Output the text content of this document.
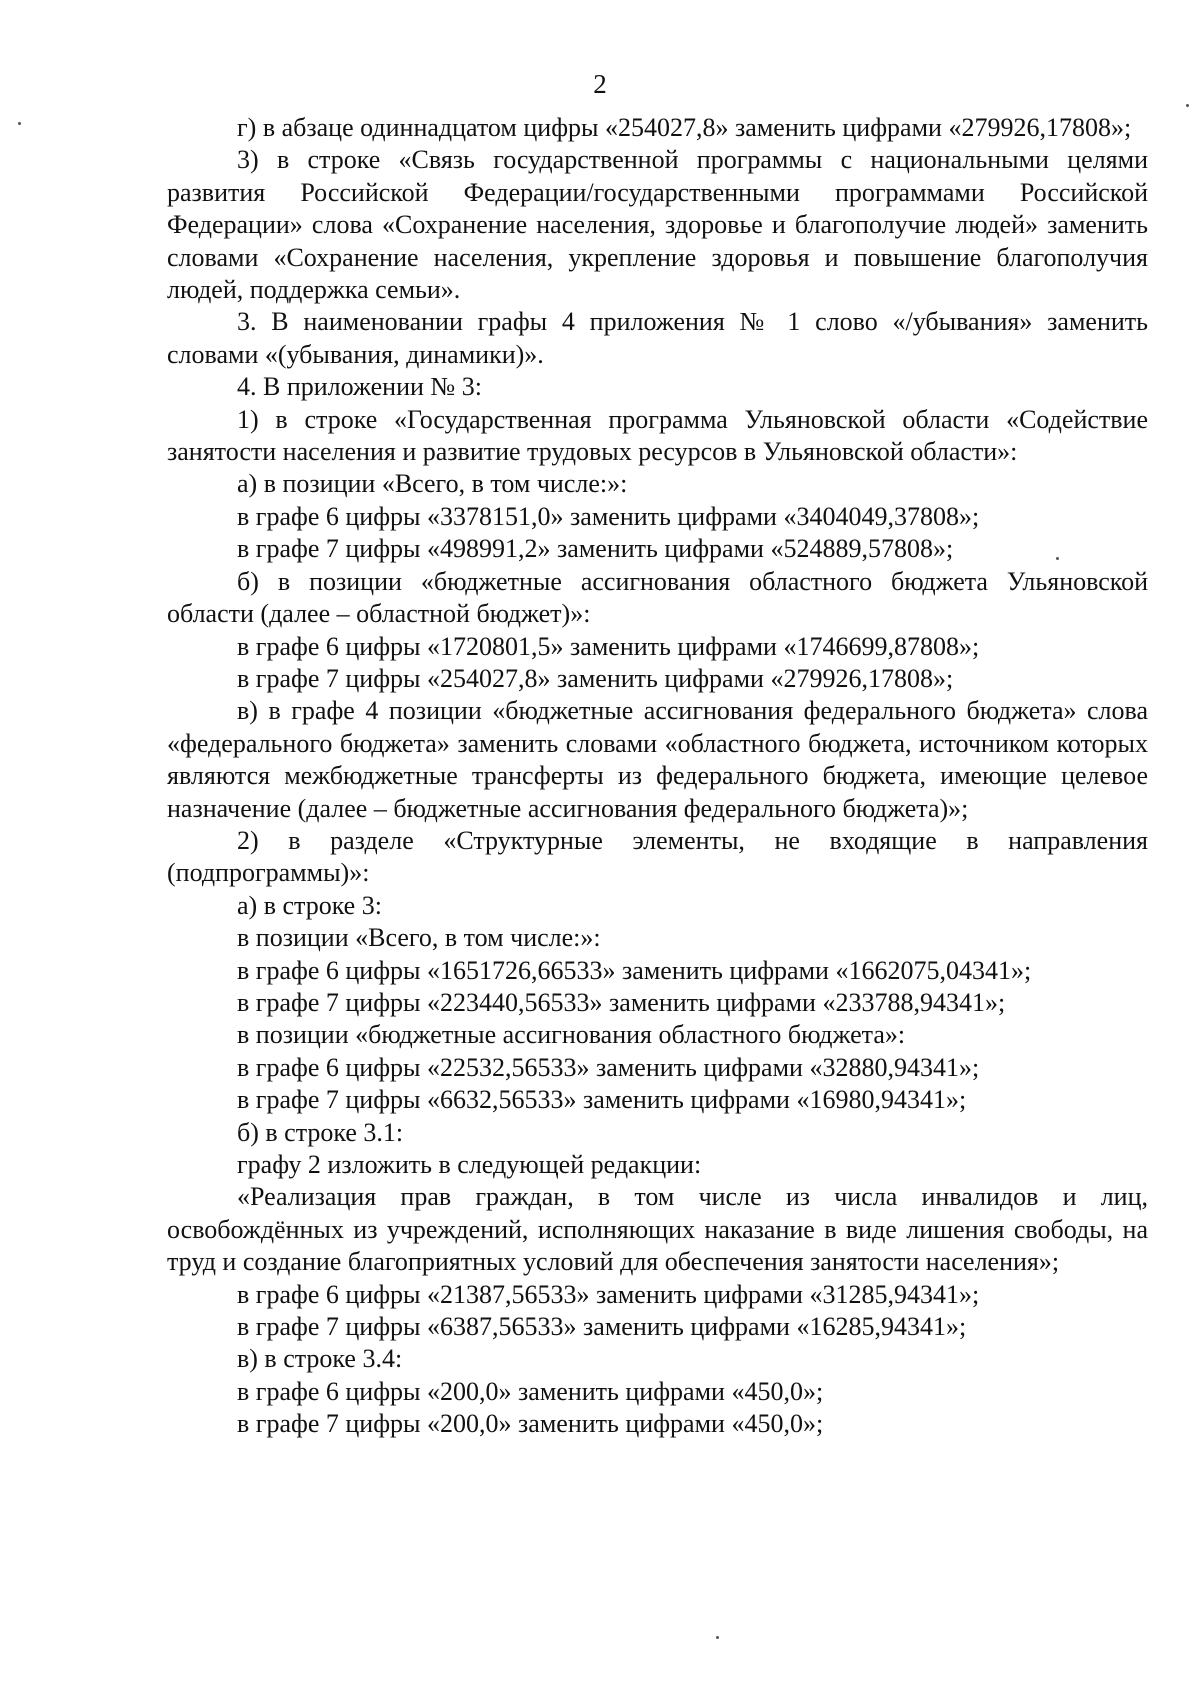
2

г) в абзаце одиннадцатом цифры «254027,8» заменить цифрами «279926,17808»;

3) в строке «Связь государственной программы с национальными целями развития Российской Федерации/государственными программами Российской Федерации» слова «Сохранение населения, здоровье и благополучие людей» заменить словами «Сохранение населения, укрепление здоровья и повышение благополучия людей, поддержка семьи».

3. В наименовании графы 4 приложения № 1 слово «/убывания» заменить словами «(убывания, динамики)».

4. В приложении № 3:

1) в строке «Государственная программа Ульяновской области «Содействие занятости населения и развитие трудовых ресурсов в Ульяновской области»:

а) в позиции «Всего, в том числе:»:

в графе 6 цифры «3378151,0» заменить цифрами «3404049,37808»;

в графе 7 цифры «498991,2» заменить цифрами «524889,57808»;

б) в позиции «бюджетные ассигнования областного бюджета Ульяновской области (далее – областной бюджет)»:

в графе 6 цифры «1720801,5» заменить цифрами «1746699,87808»;

в графе 7 цифры «254027,8» заменить цифрами «279926,17808»;

в) в графе 4 позиции «бюджетные ассигнования федерального бюджета» слова «федерального бюджета» заменить словами «областного бюджета, источником которых являются межбюджетные трансферты из федерального бюджета, имеющие целевое назначение (далее – бюджетные ассигнования федерального бюджета)»;

2) в разделе «Структурные элементы, не входящие в направления (подпрограммы)»:

а) в строке 3:

в позиции «Всего, в том числе:»:

в графе 6 цифры «1651726,66533» заменить цифрами «1662075,04341»;

в графе 7 цифры «223440,56533» заменить цифрами «233788,94341»;

в позиции «бюджетные ассигнования областного бюджета»:

в графе 6 цифры «22532,56533» заменить цифрами «32880,94341»;

в графе 7 цифры «6632,56533» заменить цифрами «16980,94341»;

б) в строке 3.1:

графу 2 изложить в следующей редакции:

«Реализация прав граждан, в том числе из числа инвалидов и лиц, освобождённых из учреждений, исполняющих наказание в виде лишения свободы, на труд и создание благоприятных условий для обеспечения занятости населения»;

в графе 6 цифры «21387,56533» заменить цифрами «31285,94341»;

в графе 7 цифры «6387,56533» заменить цифрами «16285,94341»;

в) в строке 3.4:

в графе 6 цифры «200,0» заменить цифрами «450,0»;

в графе 7 цифры «200,0» заменить цифрами «450,0»;
